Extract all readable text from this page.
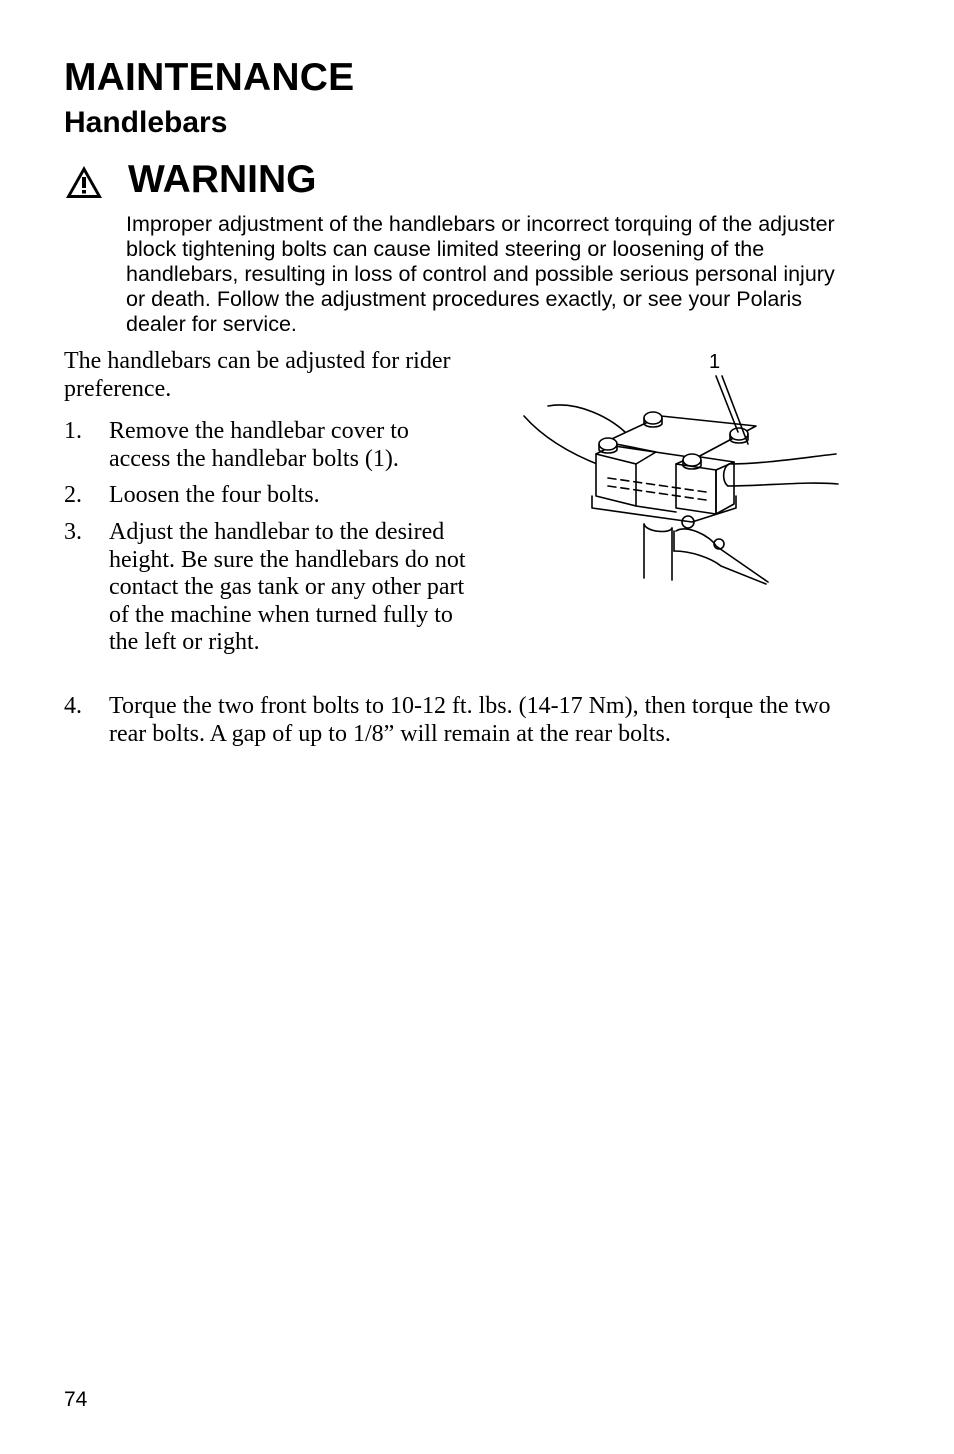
MAINTENANCE
Handlebars
WARNING
Improper adjustment of the handlebars or incorrect torquing of the adjuster block tightening bolts can cause limited steering or loosening of the handlebars, resulting in loss of control and possible serious personal injury or death. Follow the adjustment procedures exactly, or see your Polaris dealer for service.
The handlebars can be adjusted for rider preference.
1. Remove the handlebar cover to access the handlebar bolts (1).
2. Loosen the four bolts.
3. Adjust the handlebar to the desired height. Be sure the handlebars do not contact the gas tank or any other part of the machine when turned fully to the left or right.
4. Torque the two front bolts to 10-12 ft. lbs. (14-17 Nm), then torque the two rear bolts. A gap of up to 1/8” will remain at the rear bolts.
1
74
